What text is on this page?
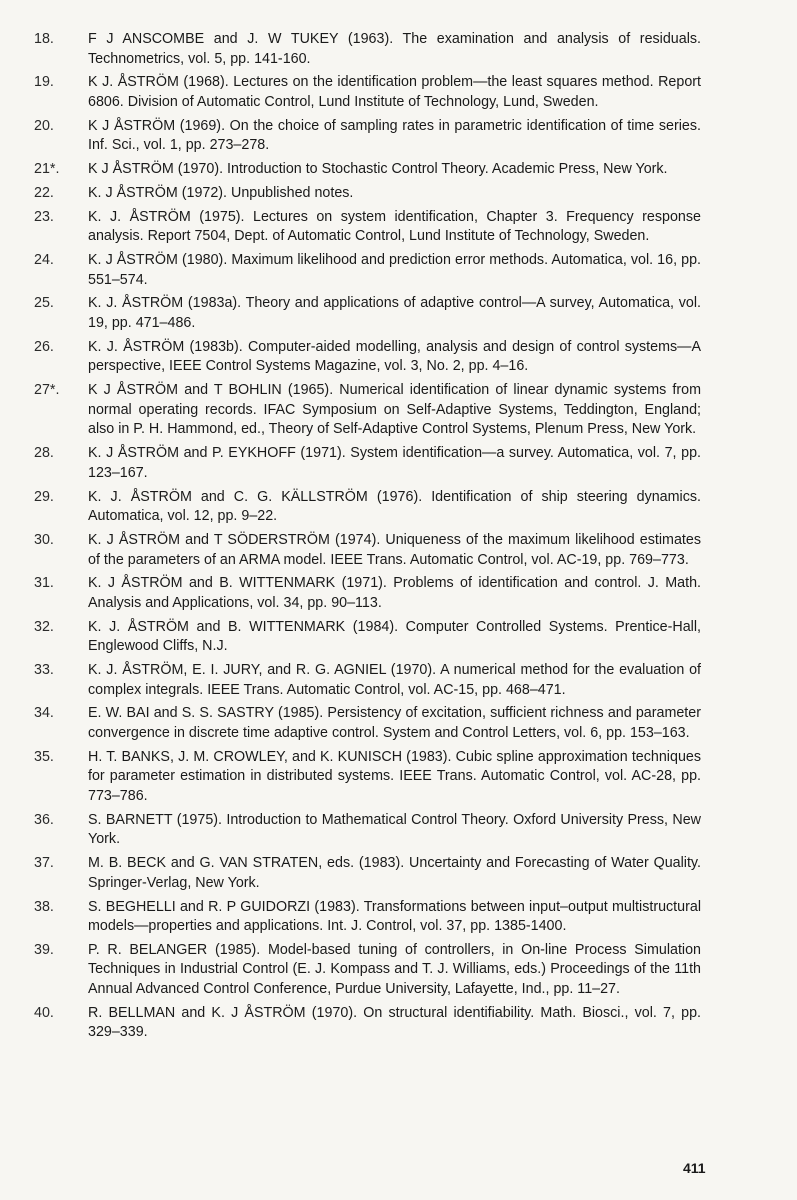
18.	F J ANSCOMBE and J. W TUKEY (1963). The examination and analysis of residuals. Technometrics, vol. 5, pp. 141-160.
19.	K J. ÅSTRÖM (1968). Lectures on the identification problem—the least squares method. Report 6806. Division of Automatic Control, Lund Institute of Technology, Lund, Sweden.
20.	K J ÅSTRÖM (1969). On the choice of sampling rates in parametric identification of time series. Inf. Sci., vol. 1, pp. 273–278.
21*.	K J ÅSTRÖM (1970). Introduction to Stochastic Control Theory. Academic Press, New York.
22.	K. J ÅSTRÖM (1972). Unpublished notes.
23.	K. J. ÅSTRÖM (1975). Lectures on system identification, Chapter 3. Frequency response analysis. Report 7504, Dept. of Automatic Control, Lund Institute of Technology, Sweden.
24.	K. J ÅSTRÖM (1980). Maximum likelihood and prediction error methods. Automatica, vol. 16, pp. 551–574.
25.	K. J. ÅSTRÖM (1983a). Theory and applications of adaptive control—A survey, Automatica, vol. 19, pp. 471–486.
26.	K. J. ÅSTRÖM (1983b). Computer-aided modelling, analysis and design of control systems—A perspective, IEEE Control Systems Magazine, vol. 3, No. 2, pp. 4–16.
27*.	K J ÅSTRÖM and T BOHLIN (1965). Numerical identification of linear dynamic systems from normal operating records. IFAC Symposium on Self-Adaptive Systems, Teddington, England; also in P. H. Hammond, ed., Theory of Self-Adaptive Control Systems, Plenum Press, New York.
28.	K. J ÅSTRÖM and P. EYKHOFF (1971). System identification—a survey. Automatica, vol. 7, pp. 123–167.
29.	K. J. ÅSTRÖM and C. G. KÄLLSTRÖM (1976). Identification of ship steering dynamics. Automatica, vol. 12, pp. 9–22.
30.	K. J ÅSTRÖM and T SÖDERSTRÖM (1974). Uniqueness of the maximum likelihood estimates of the parameters of an ARMA model. IEEE Trans. Automatic Control, vol. AC-19, pp. 769–773.
31.	K. J ÅSTRÖM and B. WITTENMARK (1971). Problems of identification and control. J. Math. Analysis and Applications, vol. 34, pp. 90–113.
32.	K. J. ÅSTRÖM and B. WITTENMARK (1984). Computer Controlled Systems. Prentice-Hall, Englewood Cliffs, N.J.
33.	K. J. ÅSTRÖM, E. I. JURY, and R. G. AGNIEL (1970). A numerical method for the evaluation of complex integrals. IEEE Trans. Automatic Control, vol. AC-15, pp. 468–471.
34.	E. W. BAI and S. S. SASTRY (1985). Persistency of excitation, sufficient richness and parameter convergence in discrete time adaptive control. System and Control Letters, vol. 6, pp. 153–163.
35.	H. T. BANKS, J. M. CROWLEY, and K. KUNISCH (1983). Cubic spline approximation techniques for parameter estimation in distributed systems. IEEE Trans. Automatic Control, vol. AC-28, pp. 773–786.
36.	S. BARNETT (1975). Introduction to Mathematical Control Theory. Oxford University Press, New York.
37.	M. B. BECK and G. VAN STRATEN, eds. (1983). Uncertainty and Forecasting of Water Quality. Springer-Verlag, New York.
38.	S. BEGHELLI and R. P GUIDORZI (1983). Transformations between input–output multistructural models—properties and applications. Int. J. Control, vol. 37, pp. 1385-1400.
39.	P. R. BELANGER (1985). Model-based tuning of controllers, in On-line Process Simulation Techniques in Industrial Control (E. J. Kompass and T. J. Williams, eds.) Proceedings of the 11th Annual Advanced Control Conference, Purdue University, Lafayette, Ind., pp. 11–27.
40.	R. BELLMAN and K. J ÅSTRÖM (1970). On structural identifiability. Math. Biosci., vol. 7, pp. 329–339.
411
